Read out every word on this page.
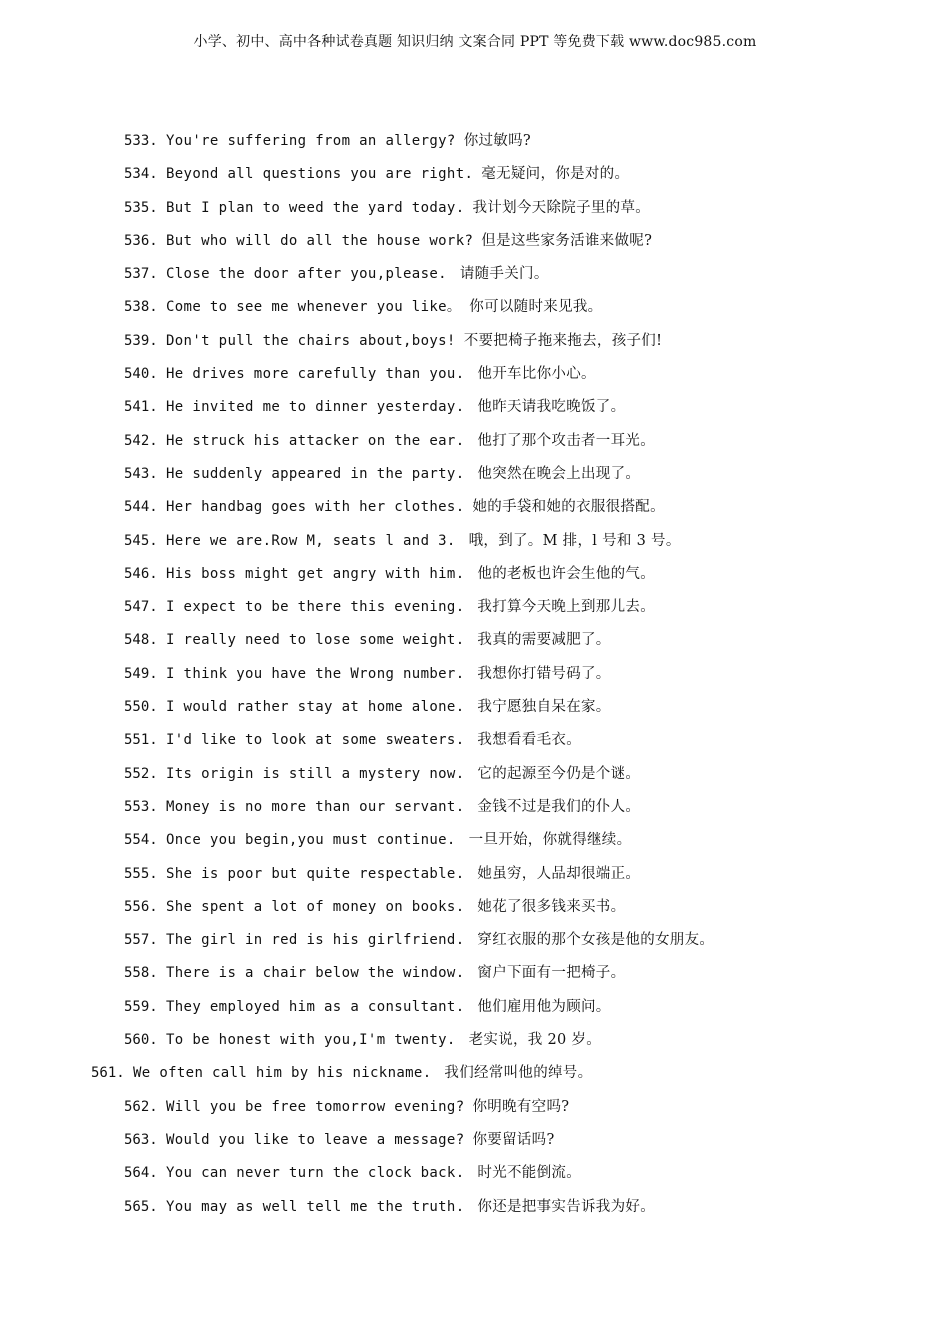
小学、初中、高中各种试卷真题 知识归纳 文案合同 PPT 等免费下载 www.doc985.com
533. You're suffering from an allergy? 你过敏吗?
534. Beyond all questions you are right. 毫无疑问，你是对的。
535. But I plan to weed the yard today. 我计划今天除院子里的草。
536. But who will do all the house work? 但是这些家务活谁来做呢?
537. Close the door after you,please. 请随手关门。
538. Come to see me whenever you like。 你可以随时来见我。
539. Don't pull the chairs about,boys! 不要把椅子拖来拖去，孩子们!
540. He drives more carefully than you. 他开车比你小心。
541. He invited me to dinner yesterday. 他昨天请我吃晚饭了。
542. He struck his attacker on the ear. 他打了那个攻击者一耳光。
543. He suddenly appeared in the party. 他突然在晚会上出现了。
544. Her handbag goes with her clothes. 她的手袋和她的衣服很搭配。
545. Here we are.Row M, seats l and 3. 哦，到了。M 排，l 号和 3 号。
546. His boss might get angry with him. 他的老板也许会生他的气。
547. I expect to be there this evening. 我打算今天晚上到那儿去。
548. I really need to lose some weight. 我真的需要减肥了。
549. I think you have the Wrong number. 我想你打错号码了。
550. I would rather stay at home alone. 我宁愿独自呆在家。
551. I'd like to look at some sweaters. 我想看看毛衣。
552. Its origin is still a mystery now. 它的起源至今仍是个谜。
553. Money is no more than our servant. 金钱不过是我们的仆人。
554. Once you begin,you must continue. 一旦开始，你就得继续。
555. She is poor but quite respectable. 她虽穷，人品却很端正。
556. She spent a lot of money on books. 她花了很多钱来买书。
557. The girl in red is his girlfriend. 穿红衣服的那个女孩是他的女朋友。
558. There is a chair below the window. 窗户下面有一把椅子。
559. They employed him as a consultant. 他们雇用他为顾问。
560. To be honest with you,I'm twenty. 老实说，我 20 岁。
561. We often call him by his nickname. 我们经常叫他的绰号。
562. Will you be free tomorrow evening? 你明晚有空吗?
563. Would you like to leave a message? 你要留话吗?
564. You can never turn the clock back. 时光不能倒流。
565. You may as well tell me the truth. 你还是把事实告诉我为好。
